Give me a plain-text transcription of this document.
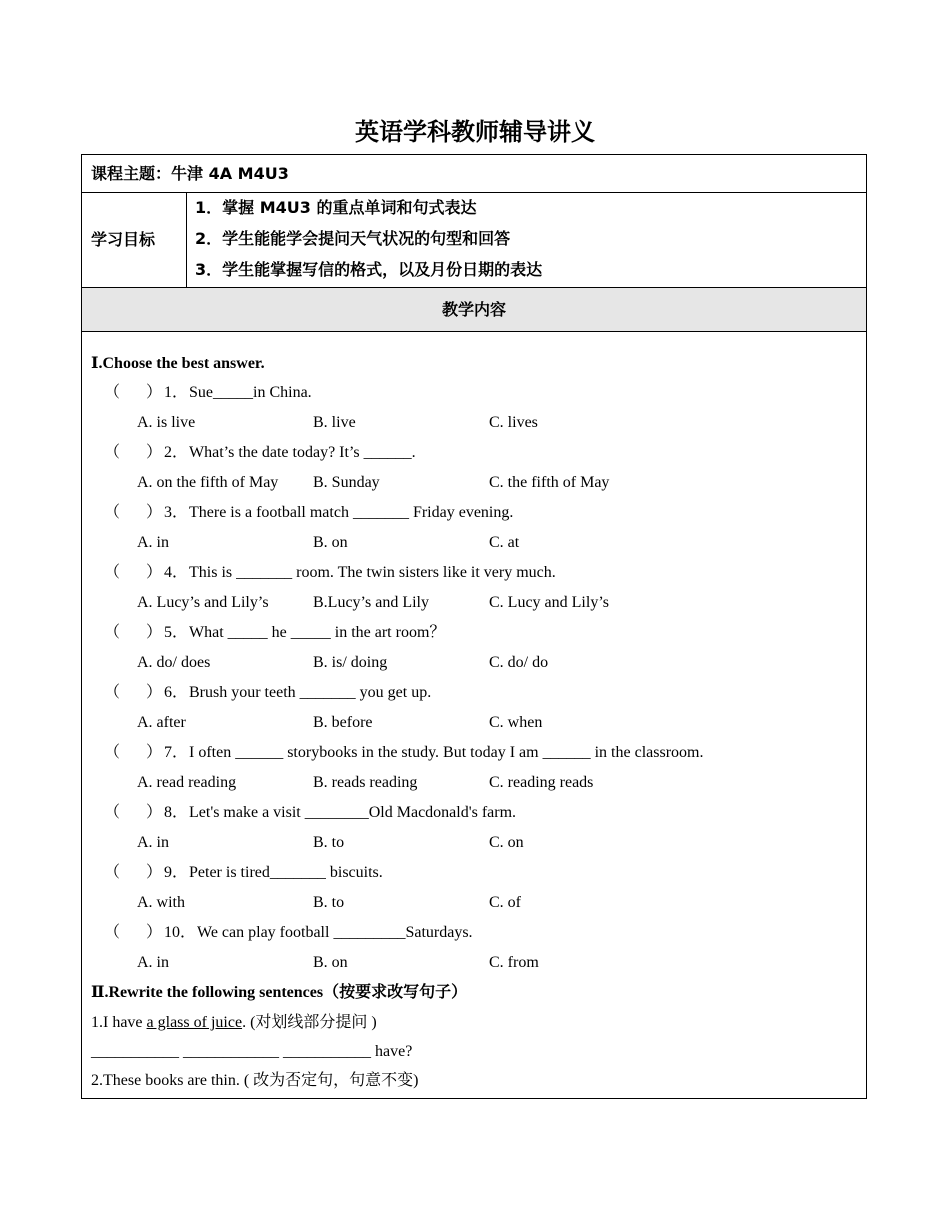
英语学科教师辅导讲义
课程主题：牛津 4A M4U3
学习目标
1．掌握 M4U3 的重点单词和句式表达
2．学生能能学会提问天气状况的句型和回答
3．学生能掌握写信的格式，以及月份日期的表达
教学内容
Ⅰ.Choose the best answer.
（ ） 1． Sue_____in China.
A. is live	B. live	C. lives
（ ） 2． What’s the date today? It’s ______.
A. on the fifth of May B. Sunday	C. the fifth of May
（ ） 3． There is a football match _______ Friday evening.
A. in	B. on	C. at
（ ） 4． This is _______ room. The twin sisters like it very much.
A. Lucy’s and Lily’s	B.Lucy’s and Lily	C. Lucy and Lily’s
（ ） 5． What _____ he _____ in the art room？
A. do/ does	B. is/ doing	C. do/ do
（ ） 6． Brush your teeth _______ you get up.
A. after	B. before	C. when
（ ） 7． I often ______ storybooks in the study. But today I am ______ in the classroom.
A. read reading	B. reads reading	C. reading reads
（ ） 8． Let's make a visit ________Old Macdonald's farm.
A. in	B. to	C. on
（ ） 9． Peter is tired_______ biscuits.
A. with	B. to	C. of
（ ） 10． We can play football _________Saturdays.
A. in	B. on	C. from
Ⅱ.Rewrite the following sentences（按要求改写句子）
1.I have a glass of juice. (对划线部分提问 )
___________ ____________ ___________ have?
2.These books are thin. ( 改为否定句，句意不变)
